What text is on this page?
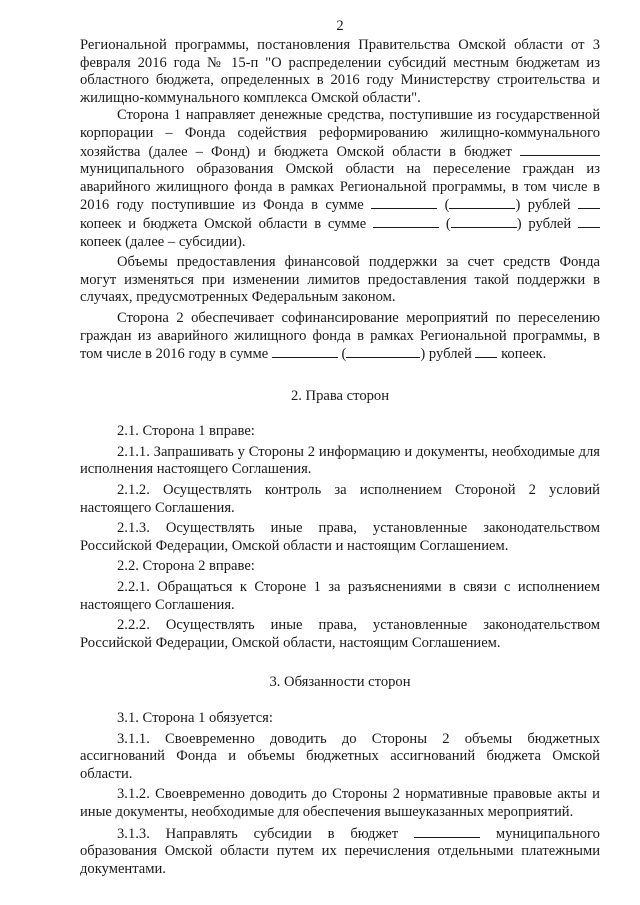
2

Региональной программы, постановления Правительства Омской области от 3 февраля 2016 года № 15-п "О распределении субсидий местным бюджетам из областного бюджета, определенных в 2016 году Министерству строительства и жилищно-коммунального комплекса Омской области".

Сторона 1 направляет денежные средства, поступившие из государственной корпорации – Фонда содействия реформированию жилищно-коммунального хозяйства (далее – Фонд) и бюджета Омской области в бюджет  муниципального образования Омской области на переселение граждан из аварийного жилищного фонда в рамках Региональной программы, в том числе в 2016 году поступившие из Фонда в сумме	(	) рублей  копеек и бюджета Омской области в сумме	(	) рублей  копеек (далее – субсидии).

Объемы предоставления финансовой поддержки за счет средств Фонда могут изменяться при изменении лимитов предоставления такой поддержки в случаях, предусмотренных Федеральным законом.

Сторона 2 обеспечивает софинансирование мероприятий по переселению граждан из аварийного жилищного фонда в рамках Региональной программы, в том числе в 2016 году в сумме	(	) рублей  копеек.

2. Права сторон

2.1. Сторона 1 вправе:

2.1.1. Запрашивать у Стороны 2 информацию и документы, необходимые для исполнения настоящего Соглашения.

2.1.2. Осуществлять контроль за исполнением Стороной 2 условий настоящего Соглашения.

2.1.3. Осуществлять иные права, установленные законодательством Российской Федерации, Омской области и настоящим Соглашением.

2.2. Сторона 2 вправе:

2.2.1. Обращаться к Стороне 1 за разъяснениями в связи с исполнением настоящего Соглашения.

2.2.2. Осуществлять иные права, установленные законодательством Российской Федерации, Омской области, настоящим Соглашением.

3. Обязанности сторон

3.1. Сторона 1 обязуется:

3.1.1. Своевременно доводить до Стороны 2 объемы бюджетных ассигнований Фонда и объемы бюджетных ассигнований бюджета Омской области.

3.1.2. Своевременно доводить до Стороны 2 нормативные правовые акты и иные документы, необходимые для обеспечения вышеуказанных мероприятий.

3.1.3. Направлять субсидии в бюджет	муниципального образования Омской области путем их перечисления отдельными платежными документами.
